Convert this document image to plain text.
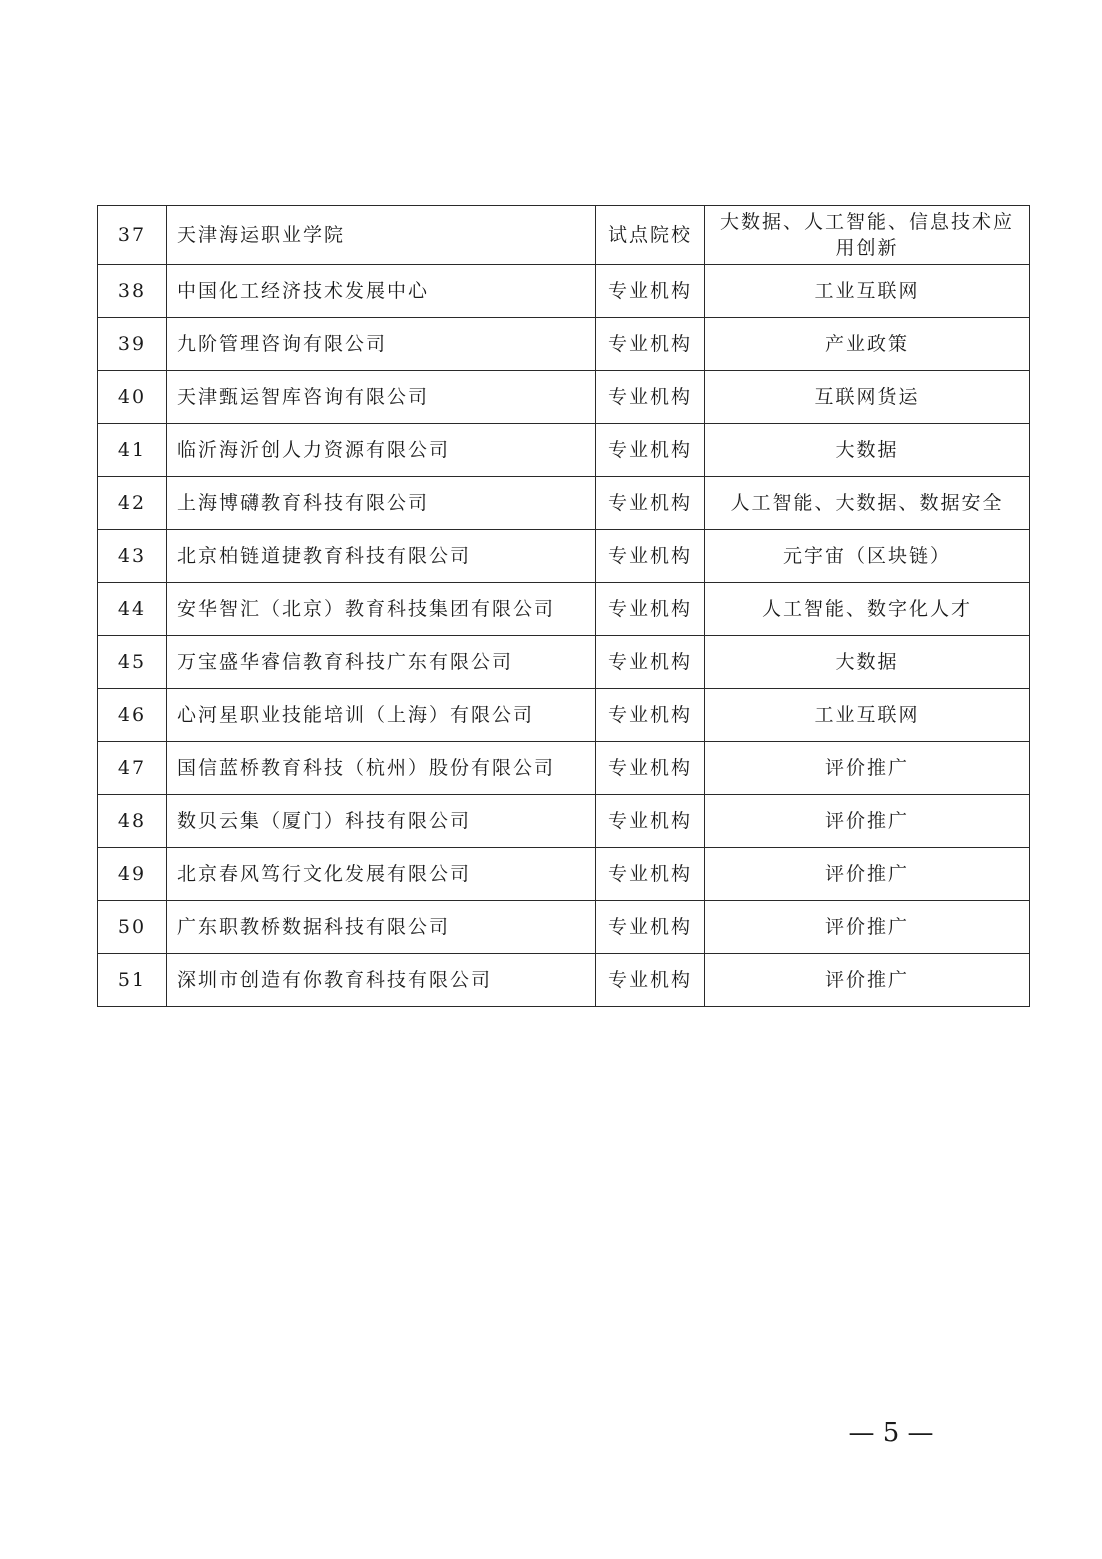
37	天津海运职业学院	试点院校	大数据、人工智能、信息技术应用创新
38	中国化工经济技术发展中心	专业机构	工业互联网
39	九阶管理咨询有限公司	专业机构	产业政策
40	天津甄运智库咨询有限公司	专业机构	互联网货运
41	临沂海沂创人力资源有限公司	专业机构	大数据
42	上海博礴教育科技有限公司	专业机构	人工智能、大数据、数据安全
43	北京柏链道捷教育科技有限公司	专业机构	元宇宙（区块链）
44	安华智汇（北京）教育科技集团有限公司	专业机构	人工智能、数字化人才
45	万宝盛华睿信教育科技广东有限公司	专业机构	大数据
46	心河星职业技能培训（上海）有限公司	专业机构	工业互联网
47	国信蓝桥教育科技（杭州）股份有限公司	专业机构	评价推广
48	数贝云集（厦门）科技有限公司	专业机构	评价推广
49	北京春风笃行文化发展有限公司	专业机构	评价推广
50	广东职教桥数据科技有限公司	专业机构	评价推广
51	深圳市创造有你教育科技有限公司	专业机构	评价推广
— 5 —
